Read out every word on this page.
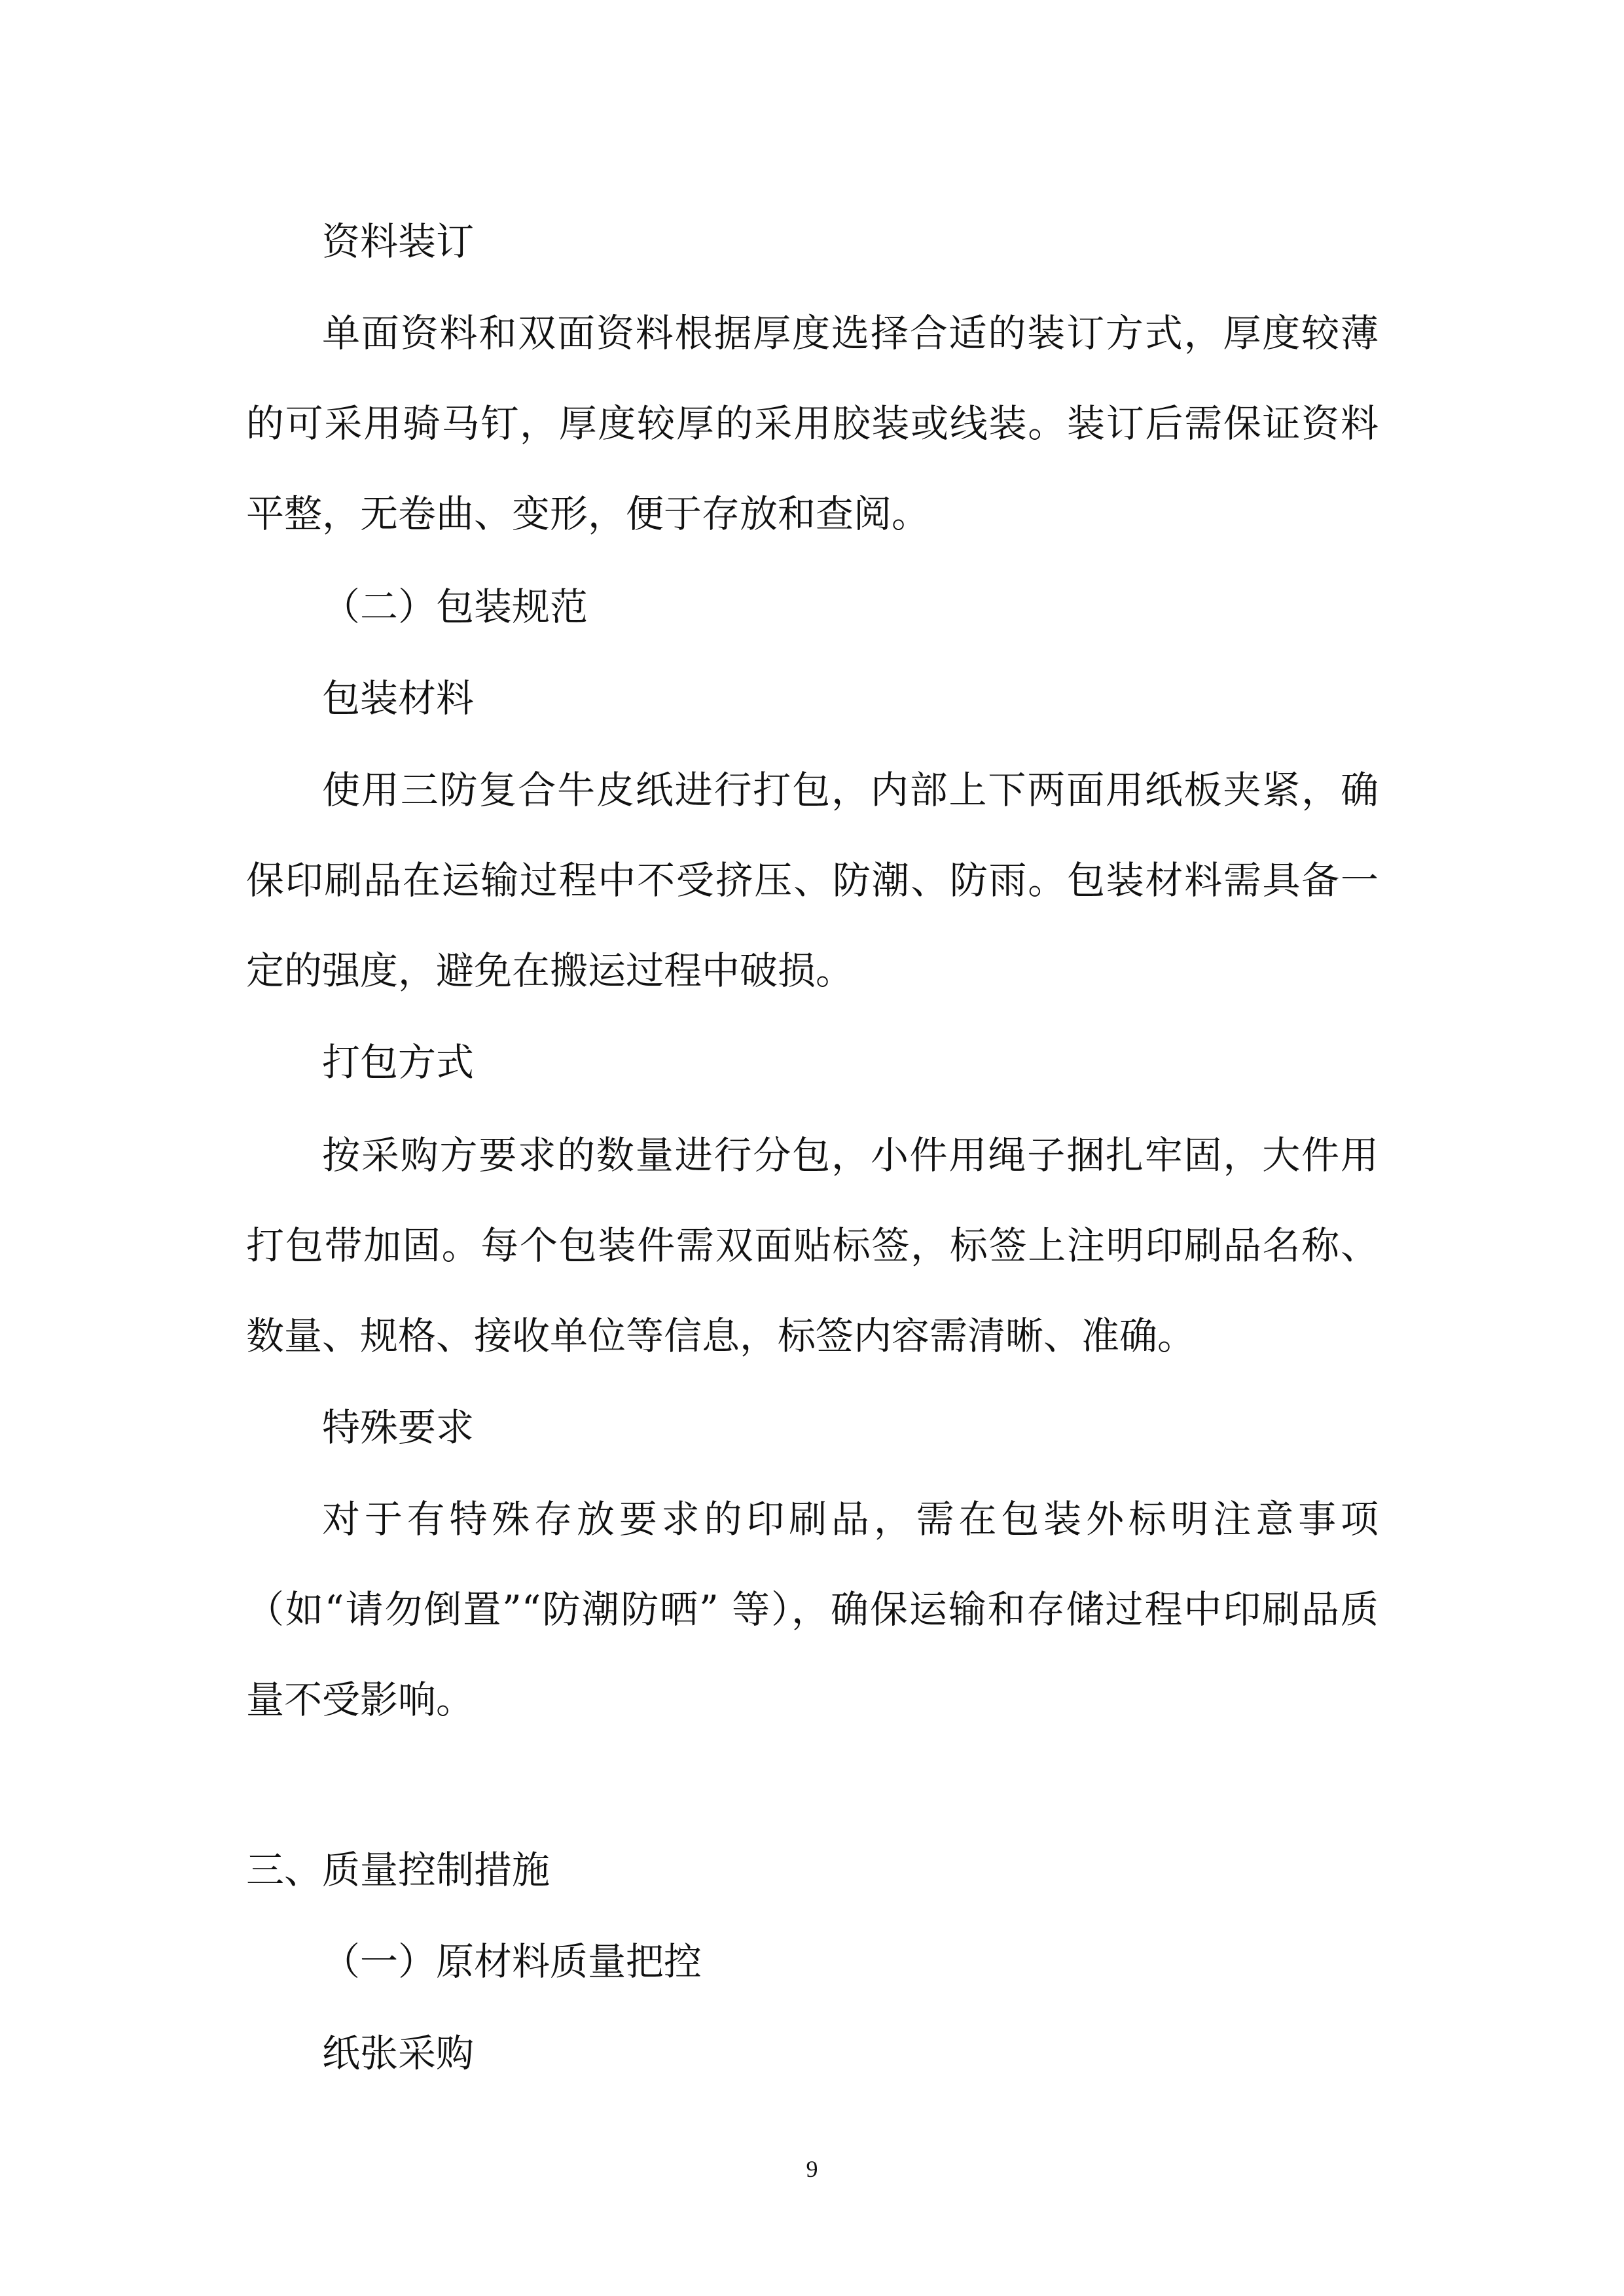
资料装订

单面资料和双面资料根据厚度选择合适的装订方式，厚度较薄的可采用骑马钉，厚度较厚的采用胶装或线装。装订后需保证资料平整，无卷曲、变形，便于存放和查阅。

（二）包装规范

包装材料

使用三防复合牛皮纸进行打包，内部上下两面用纸板夹紧，确保印刷品在运输过程中不受挤压、防潮、防雨。包装材料需具备一定的强度，避免在搬运过程中破损。

打包方式

按采购方要求的数量进行分包，小件用绳子捆扎牢固，大件用打包带加固。每个包装件需双面贴标签，标签上注明印刷品名称、数量、规格、接收单位等信息，标签内容需清晰、准确。

特殊要求

对于有特殊存放要求的印刷品，需在包装外标明注意事项（如“请勿倒置”“防潮防晒” 等），确保运输和存储过程中印刷品质量不受影响。

三、质量控制措施

（一）原材料质量把控

纸张采购

9
